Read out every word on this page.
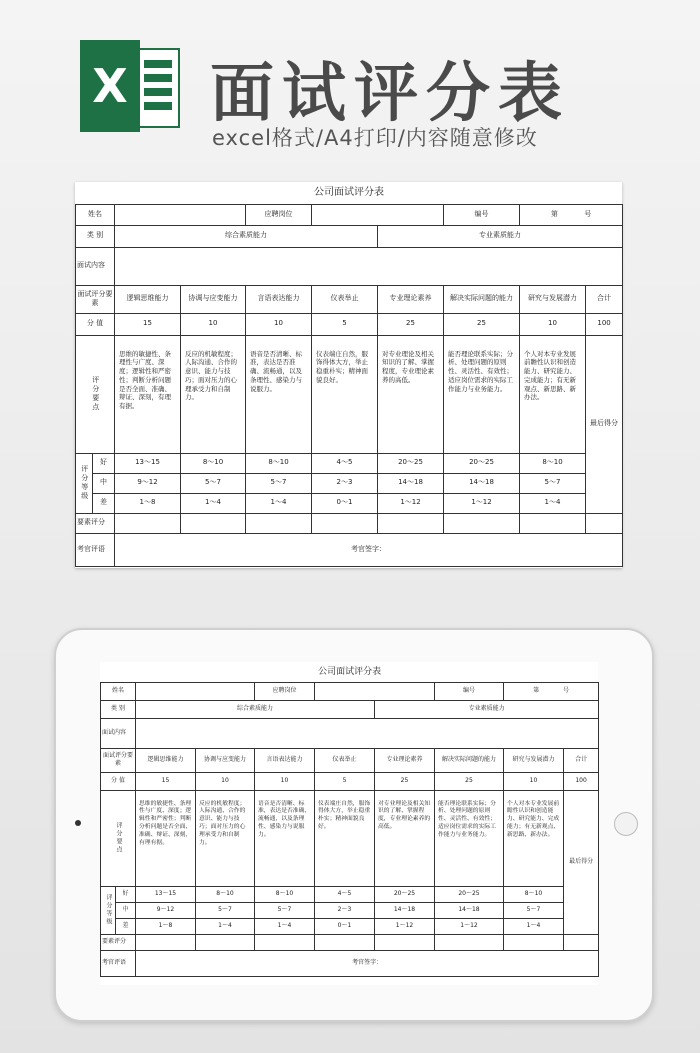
X 面试评分表

excel格式/A4打印/内容随意修改

公司面试评分表									
姓名				应聘岗位			编号	第 号	
类 别		综合素质能力				专业素质能力			
面试内容									
面试评分要素		逻辑思维能力	协调与应变能力	言语表达能力	仪表举止	专业理论素养	解决实际问题的能力	研究与发展潜力	合计
分 值		15	10	10	5	25	25	10	100
评分要点		思维的敏捷性、条理性与广度、深度；逻辑性和严密性；判断分析问题是否全面、准确、辩证、深刻，有理有据。	反应的机敏程度；人际沟通、合作的意识、能力与技巧；面对压力的心理承受力和自制力。	语音是否清晰、标准，表达是否准确、流畅通，以及条理性、感染力与说服力。	仪表端庄自然，服饰得体大方，举止稳重朴实；精神面貌良好。	对专业理论及相关知识的了解、掌握程度，专业理论素养的高低。	能否理论联系实际；分析、处理问题的原则性、灵活性、有效性；适应岗位需求的实际工作能力与业务能力。	个人对本专业发展前瞻性认识和创造能力、研究能力、完成能力；有无新观点、新思路、新办法。	最后得分
评分等级	好	13～15	8～10	8～10	4～5	20～25	20～25	8～10	
	中	9～12	5～7	5～7	2～3	14～18	14～18	5～7	
	差	1～8	1～4	1～4	0～1	1～12	1～12	1～4	
要素评分									
考官评语		考官签字：							
公司面试评分表									
姓名				应聘岗位			编号	第 号	
类 别		综合素质能力				专业素质能力			
面试内容									
面试评分要素		逻辑思维能力	协调与应变能力	言语表达能力	仪表举止	专业理论素养	解决实际问题的能力	研究与发展潜力	合计
分 值		15	10	10	5	25	25	10	100
评分要点		思维的敏捷性、条理性与广度、深度；逻辑性和严密性；判断分析问题是否全面、准确、辩证、深刻，有理有据。	反应的机敏程度；人际沟通、合作的意识、能力与技巧；面对压力的心理承受力和自制力。	语音是否清晰、标准，表达是否准确、流畅通，以及条理性、感染力与说服力。	仪表端庄自然，服饰得体大方，举止稳重朴实；精神面貌良好。	对专业理论及相关知识的了解、掌握程度，专业理论素养的高低。	能否理论联系实际；分析、处理问题的原则性、灵活性、有效性；适应岗位需求的实际工作能力与业务能力。	个人对本专业发展前瞻性认识和创造能力、研究能力、完成能力；有无新观点、新思路、新办法。	最后得分
评分等级	好	13～15	8～10	8～10	4～5	20～25	20～25	8～10	
	中	9～12	5～7	5～7	2～3	14～18	14～18	5～7	
	差	1～8	1～4	1～4	0～1	1～12	1～12	1～4	
要素评分									
考官评语		考官签字：							
